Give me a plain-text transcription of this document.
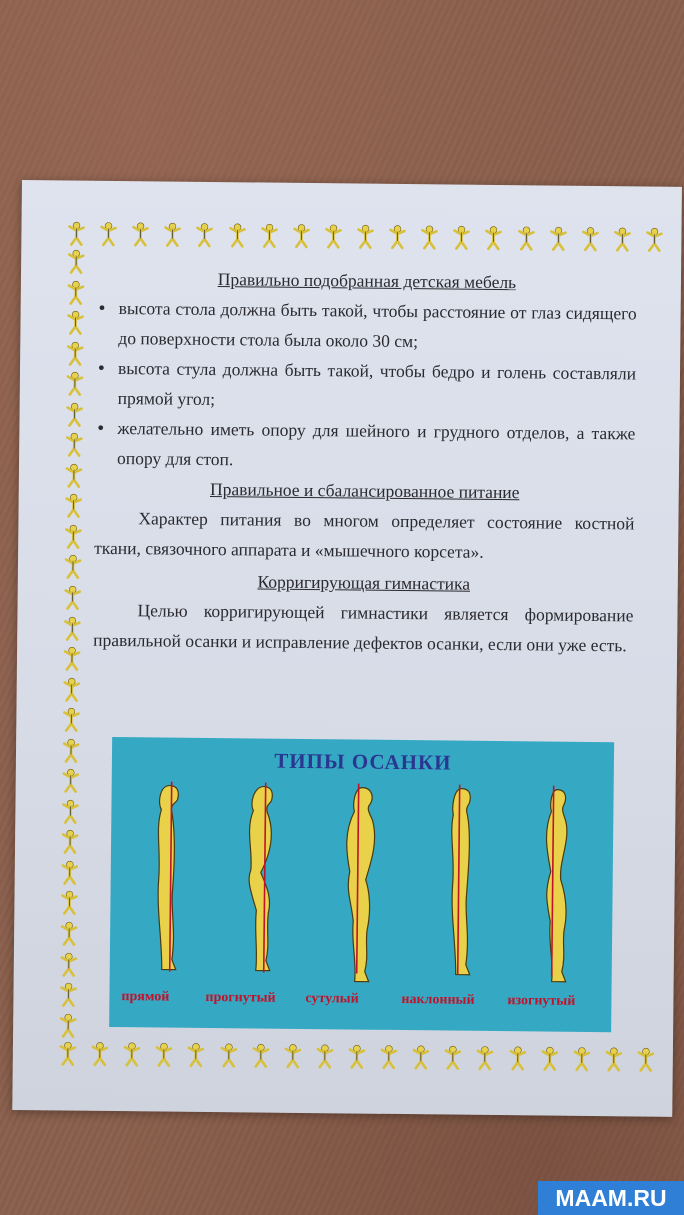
Правильно подобранная детская мебель

● высота стола должна быть такой, чтобы расстояние от глаз сидящего до поверхности стола была около 30 см;
● высота стула должна быть такой, чтобы бедро и голень составляли прямой угол;
● желательно иметь опору для шейного и грудного отделов, а также опору для стоп.

Правильное и сбалансированное питание

Характер питания во многом определяет состояние костной ткани, связочного аппарата и «мышечного корсета».

Корригирующая гимнастика

Целью корригирующей гимнастики является формирование правильной осанки и исправление дефектов осанки, если они уже есть.

ТИПЫ ОСАНКИ
прямой	прогнутый сутулый	наклонный изогнутый
MAAM.RU
